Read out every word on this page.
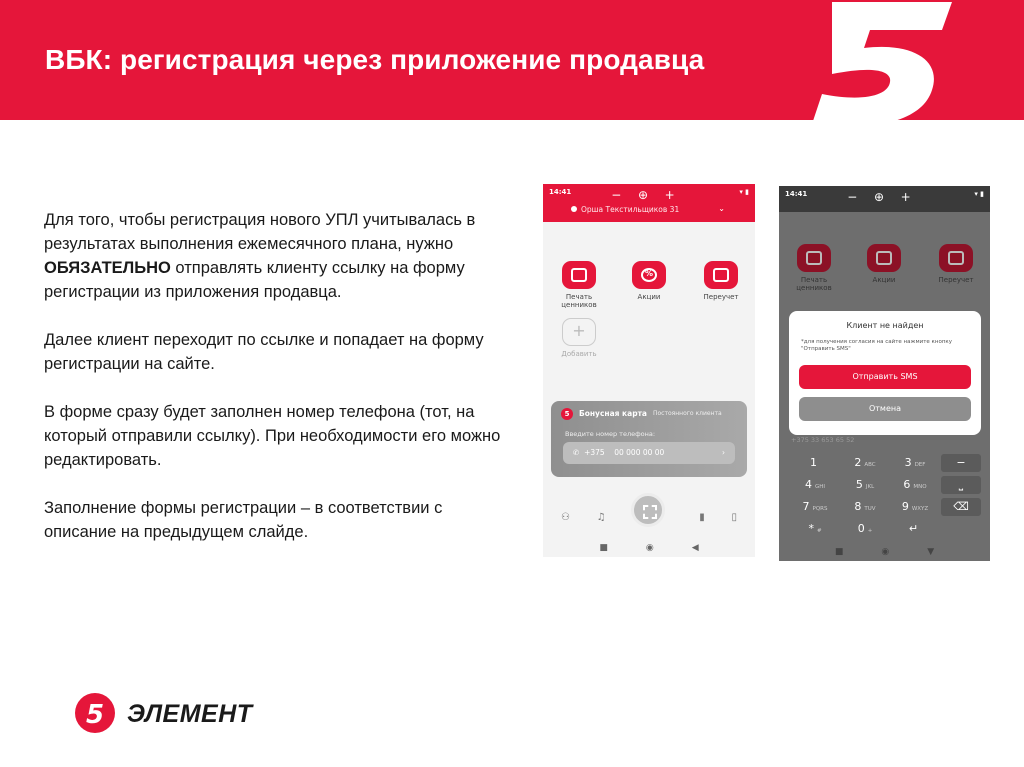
ВБК: регистрация через приложение продавца

Для того, чтобы регистрация нового УПЛ учитывалась в результатах выполнения ежемесячного плана, нужно ОБЯЗАТЕЛЬНО отправлять клиенту ссылку на форму регистрации из приложения продавца.

Далее клиент переходит по ссылке и попадает на форму регистрации на сайте.

В форме сразу будет заполнен номер телефона (тот, на который отправили ссылку). При необходимости его можно редактировать.

Заполнение формы регистрации – в соответствии с описание на предыдущем слайде.

14:41	▾ ▮
− ⊕ +
Орша Текстильщиков 31	⌄
Печать ценников
%
Акции	Переучет
+
Добавить
5	Бонусная карта Постоянного клиента
Введите номер телефона:
✆ +375 00 000 00 00	›
⚇	♫	▮	▯
■	◉	◀
14:41	▾ ▮
− ⊕ +
Печать ценников
Акции	Переучет
Клиент не найден
*для получения согласия на сайте нажмите кнопку "Отправить SMS"
Отправить SMS
Отмена
+375 33 653 65 52
1	2 ABC	3 DEF	−
4 GHI	5 JKL	6 MNO	⎵
7 PQRS	8 TUV	9 WXYZ	⌫
* #	0 +	↵
■	◉	▼
5 ЭЛЕМЕНТ
